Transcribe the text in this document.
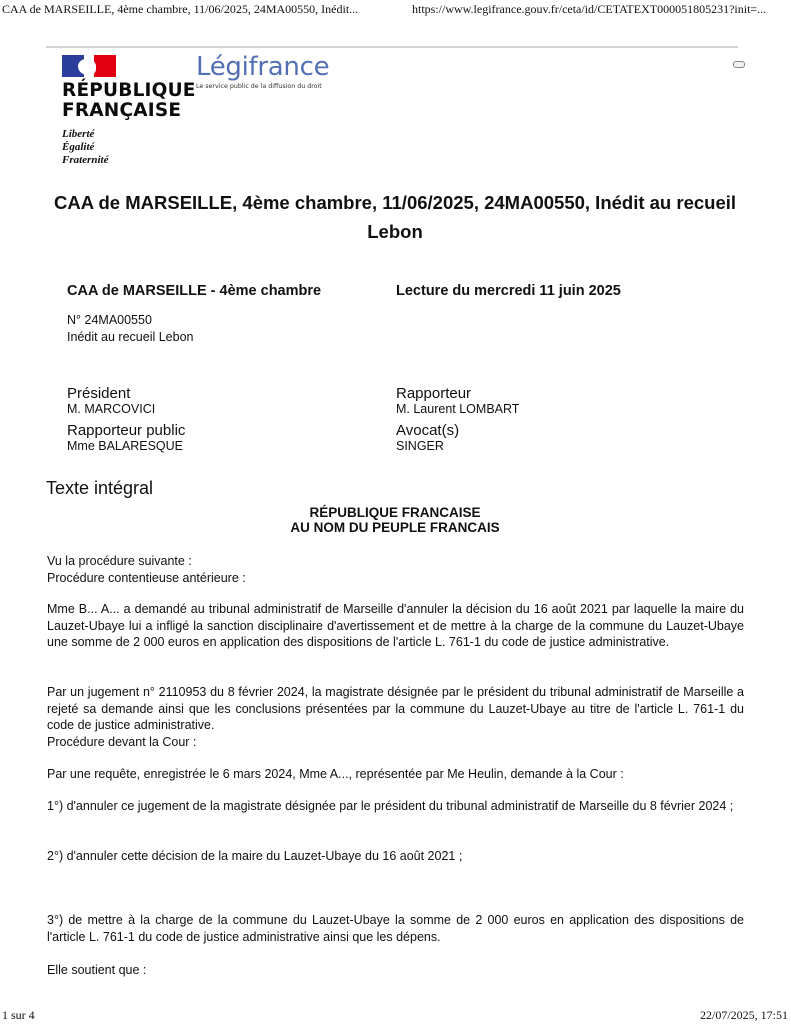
CAA de MARSEILLE, 4ème chambre, 11/06/2025, 24MA00550, Inédit...	https://www.legifrance.gouv.fr/ceta/id/CETATEXT000051805231?init=...
RÉPUBLIQUE
FRANÇAISE
Liberté
Égalité
Fraternité
Légifrance
Le service public de la diffusion du droit
CAA de MARSEILLE, 4ème chambre, 11/06/2025, 24MA00550, Inédit au recueil Lebon
CAA de MARSEILLE - 4ème chambre	Lecture du mercredi 11 juin 2025
N° 24MA00550
Inédit au recueil Lebon
Président
M. MARCOVICI
Rapporteur
M. Laurent LOMBART
Rapporteur public
Mme BALARESQUE
Avocat(s)
SINGER
Texte intégral
RÉPUBLIQUE FRANCAISE
AU NOM DU PEUPLE FRANCAIS
Vu la procédure suivante :
Procédure contentieuse antérieure :

Mme B... A... a demandé au tribunal administratif de Marseille d'annuler la décision du 16 août 2021 par laquelle la maire du Lauzet-Ubaye lui a infligé la sanction disciplinaire d'avertissement et de mettre à la charge de la commune du Lauzet-Ubaye une somme de 2 000 euros en application des dispositions de l'article L. 761-1 du code de justice administrative.

Par un jugement n° 2110953 du 8 février 2024, la magistrate désignée par le président du tribunal administratif de Marseille a rejeté sa demande ainsi que les conclusions présentées par la commune du Lauzet-Ubaye au titre de l'article L. 761-1 du code de justice administrative.
Procédure devant la Cour :

Par une requête, enregistrée le 6 mars 2024, Mme A..., représentée par Me Heulin, demande à la Cour :

1°) d'annuler ce jugement de la magistrate désignée par le président du tribunal administratif de Marseille du 8 février 2024 ;

2°) d'annuler cette décision de la maire du Lauzet-Ubaye du 16 août 2021 ;

3°) de mettre à la charge de la commune du Lauzet-Ubaye la somme de 2 000 euros en application des dispositions de l'article L. 761-1 du code de justice administrative ainsi que les dépens.

Elle soutient que :

1 sur 4	22/07/2025, 17:51
